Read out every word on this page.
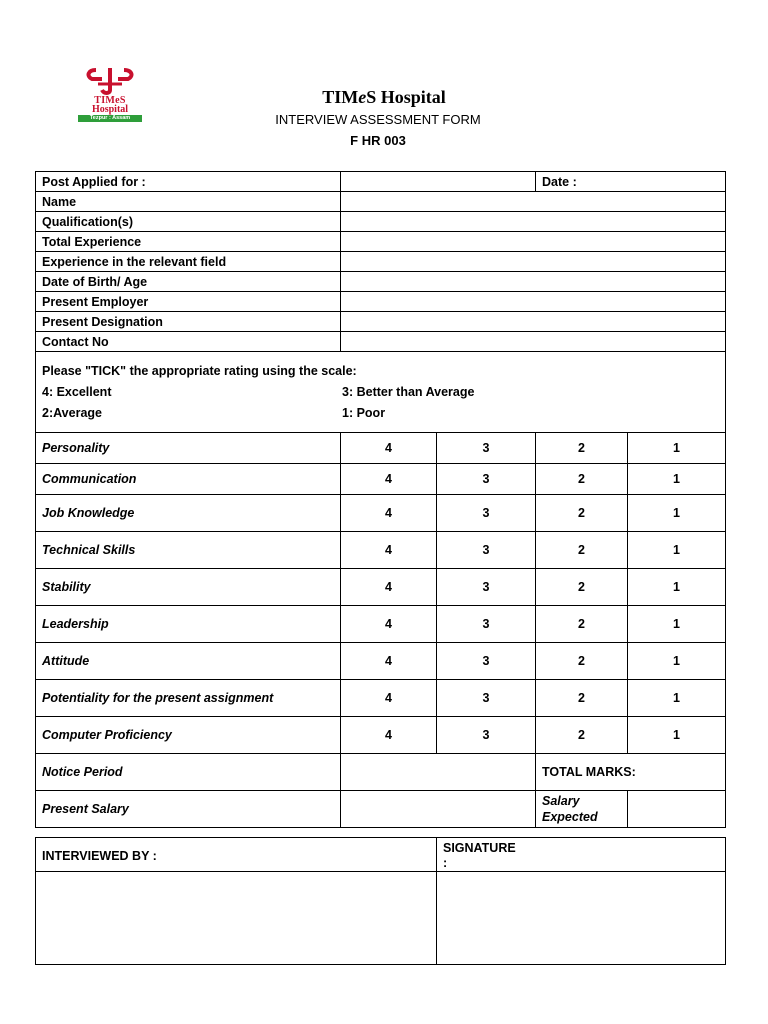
TIMeS
Hospital
Tezpur : Assam
TIMeS Hospital
INTERVIEW ASSESSMENT FORM
F HR 003
Post Applied for :			Date :	
Name				
Qualification(s)				
Total Experience				
Experience in the relevant field				
Date of Birth/ Age				
Present Employer				
Present Designation				
Contact No				

Please "TICK" the appropriate rating using the scale:
4: Excellent 3: Better than Average
2:Average 1: Poor				

Personality	4	3	2	1
Communication	4	3	2	1
Job Knowledge	4	3	2	1
Technical Skills	4	3	2	1
Stability	4	3	2	1
Leadership	4	3	2	1
Attitude	4	3	2	1
Potentiality for the present assignment	4	3	2	1
Computer Proficiency	4	3	2	1
Notice Period			TOTAL MARKS:	
Present Salary			Salary
Expected	
INTERVIEWED BY :	SIGNATURE
:
